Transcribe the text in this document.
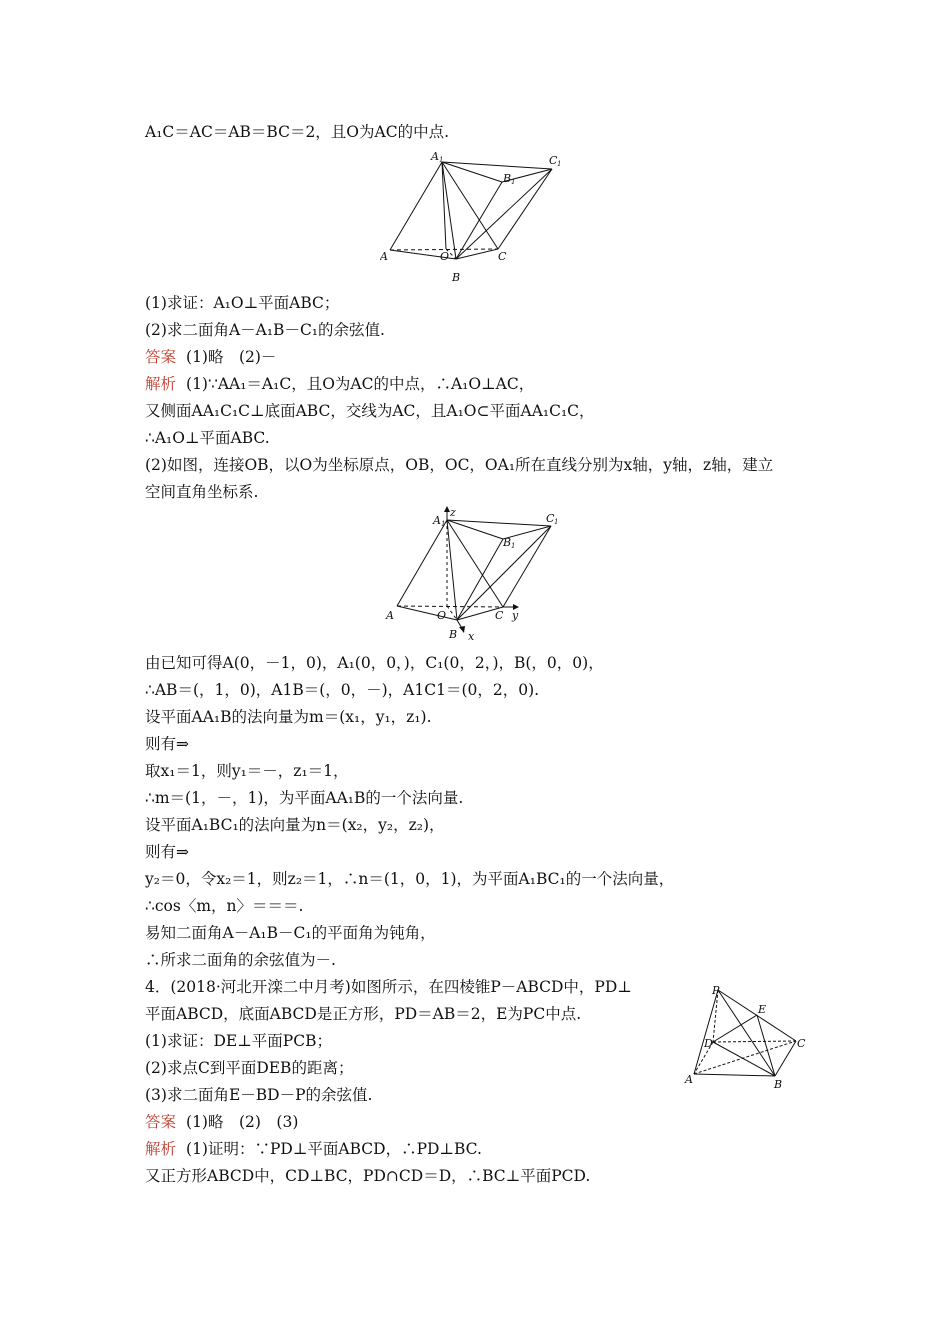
A₁C＝AC＝AB＝BC＝2，且O为AC的中点.
A	O
B
C
A 1
B 1
C 1
(1)求证：A₁O⊥平面ABC；
(2)求二面角A－A₁B－C₁的余弦值.
答案 (1)略　(2)－
解析 (1)∵AA₁＝A₁C，且O为AC的中点，∴A₁O⊥AC，
又侧面AA₁C₁C⊥底面ABC，交线为AC，且A₁O⊂平面AA₁C₁C，
∴A₁O⊥平面ABC.
(2)如图，连接OB，以O为坐标原点，OB，OC，OA₁所在直线分别为x轴，y轴，z轴，建立
空间直角坐标系.
A	O
B
C y
x
z
A 1
B 1
C 1
由已知可得A(0，－1，0)，A₁(0，0，)，C₁(0，2，)，B(，0，0)，
∴AB＝(，1，0)，A1B＝(，0，－)，A1C1＝(0，2，0).
设平面AA₁B的法向量为m＝(x₁，y₁，z₁).
则有⇒
取x₁＝1，则y₁＝－，z₁＝1，
∴m＝(1，－，1)，为平面AA₁B的一个法向量.
设平面A₁BC₁的法向量为n＝(x₂，y₂，z₂)，
则有⇒
y₂＝0，令x₂＝1，则z₂＝1，∴n＝(1，0，1)，为平面A₁BC₁的一个法向量，
∴cos〈m，n〉＝＝＝.
易知二面角A－A₁B－C₁的平面角为钝角，
∴所求二面角的余弦值为－.
4．(2018·河北开滦二中月考)如图所示，在四棱锥P－ABCD中，PD⊥
平面ABCD，底面ABCD是正方形，PD＝AB＝2，E为PC中点.
(1)求证：DE⊥平面PCB；
(2)求点C到平面DEB的距离；
(3)求二面角E－BD－P的余弦值.
答案 (1)略　(2)　(3)
解析 (1)证明：∵PD⊥平面ABCD，∴PD⊥BC.
又正方形ABCD中，CD⊥BC，PD∩CD＝D，∴BC⊥平面PCD.
P
E
D	C
A	B
